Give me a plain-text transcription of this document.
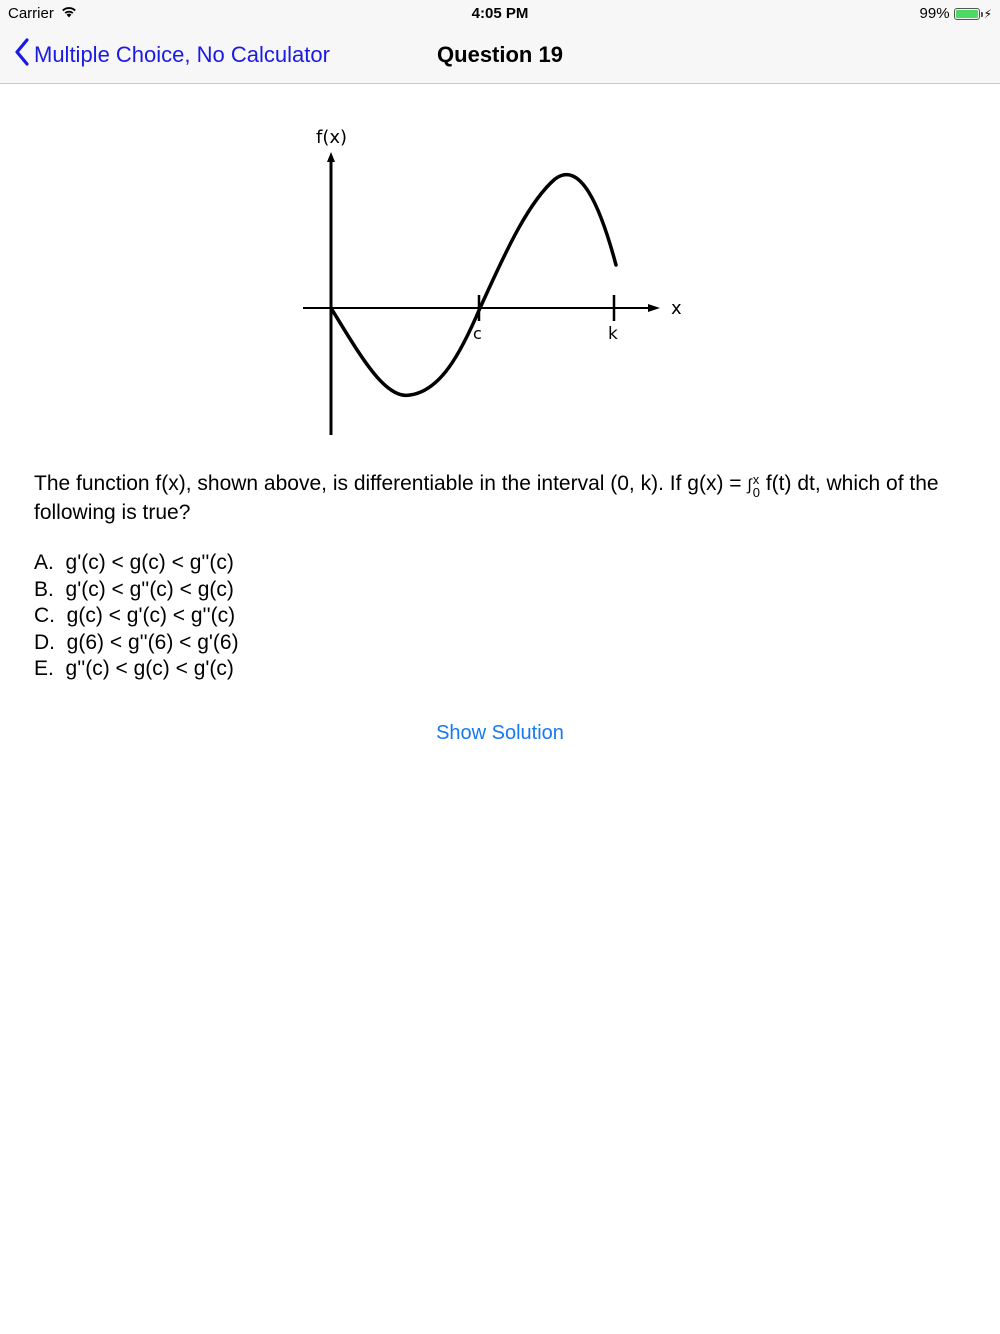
Carrier	4:05 PM	99%	⚡
Multiple Choice, No Calculator	Question 19
f(x)
x
c	k
The function f(x), shown above, is differentiable in the interval (0, k). If g(x) = ∫ x
0 f(t) dt, which of the following is true?
A.  g'(c) < g(c) < g''(c)
B.  g'(c) < g''(c) < g(c)
C.  g(c) < g'(c) < g''(c)
D.  g(6) < g''(6) < g'(6)
E.  g''(c) < g(c) < g'(c)
Show Solution
